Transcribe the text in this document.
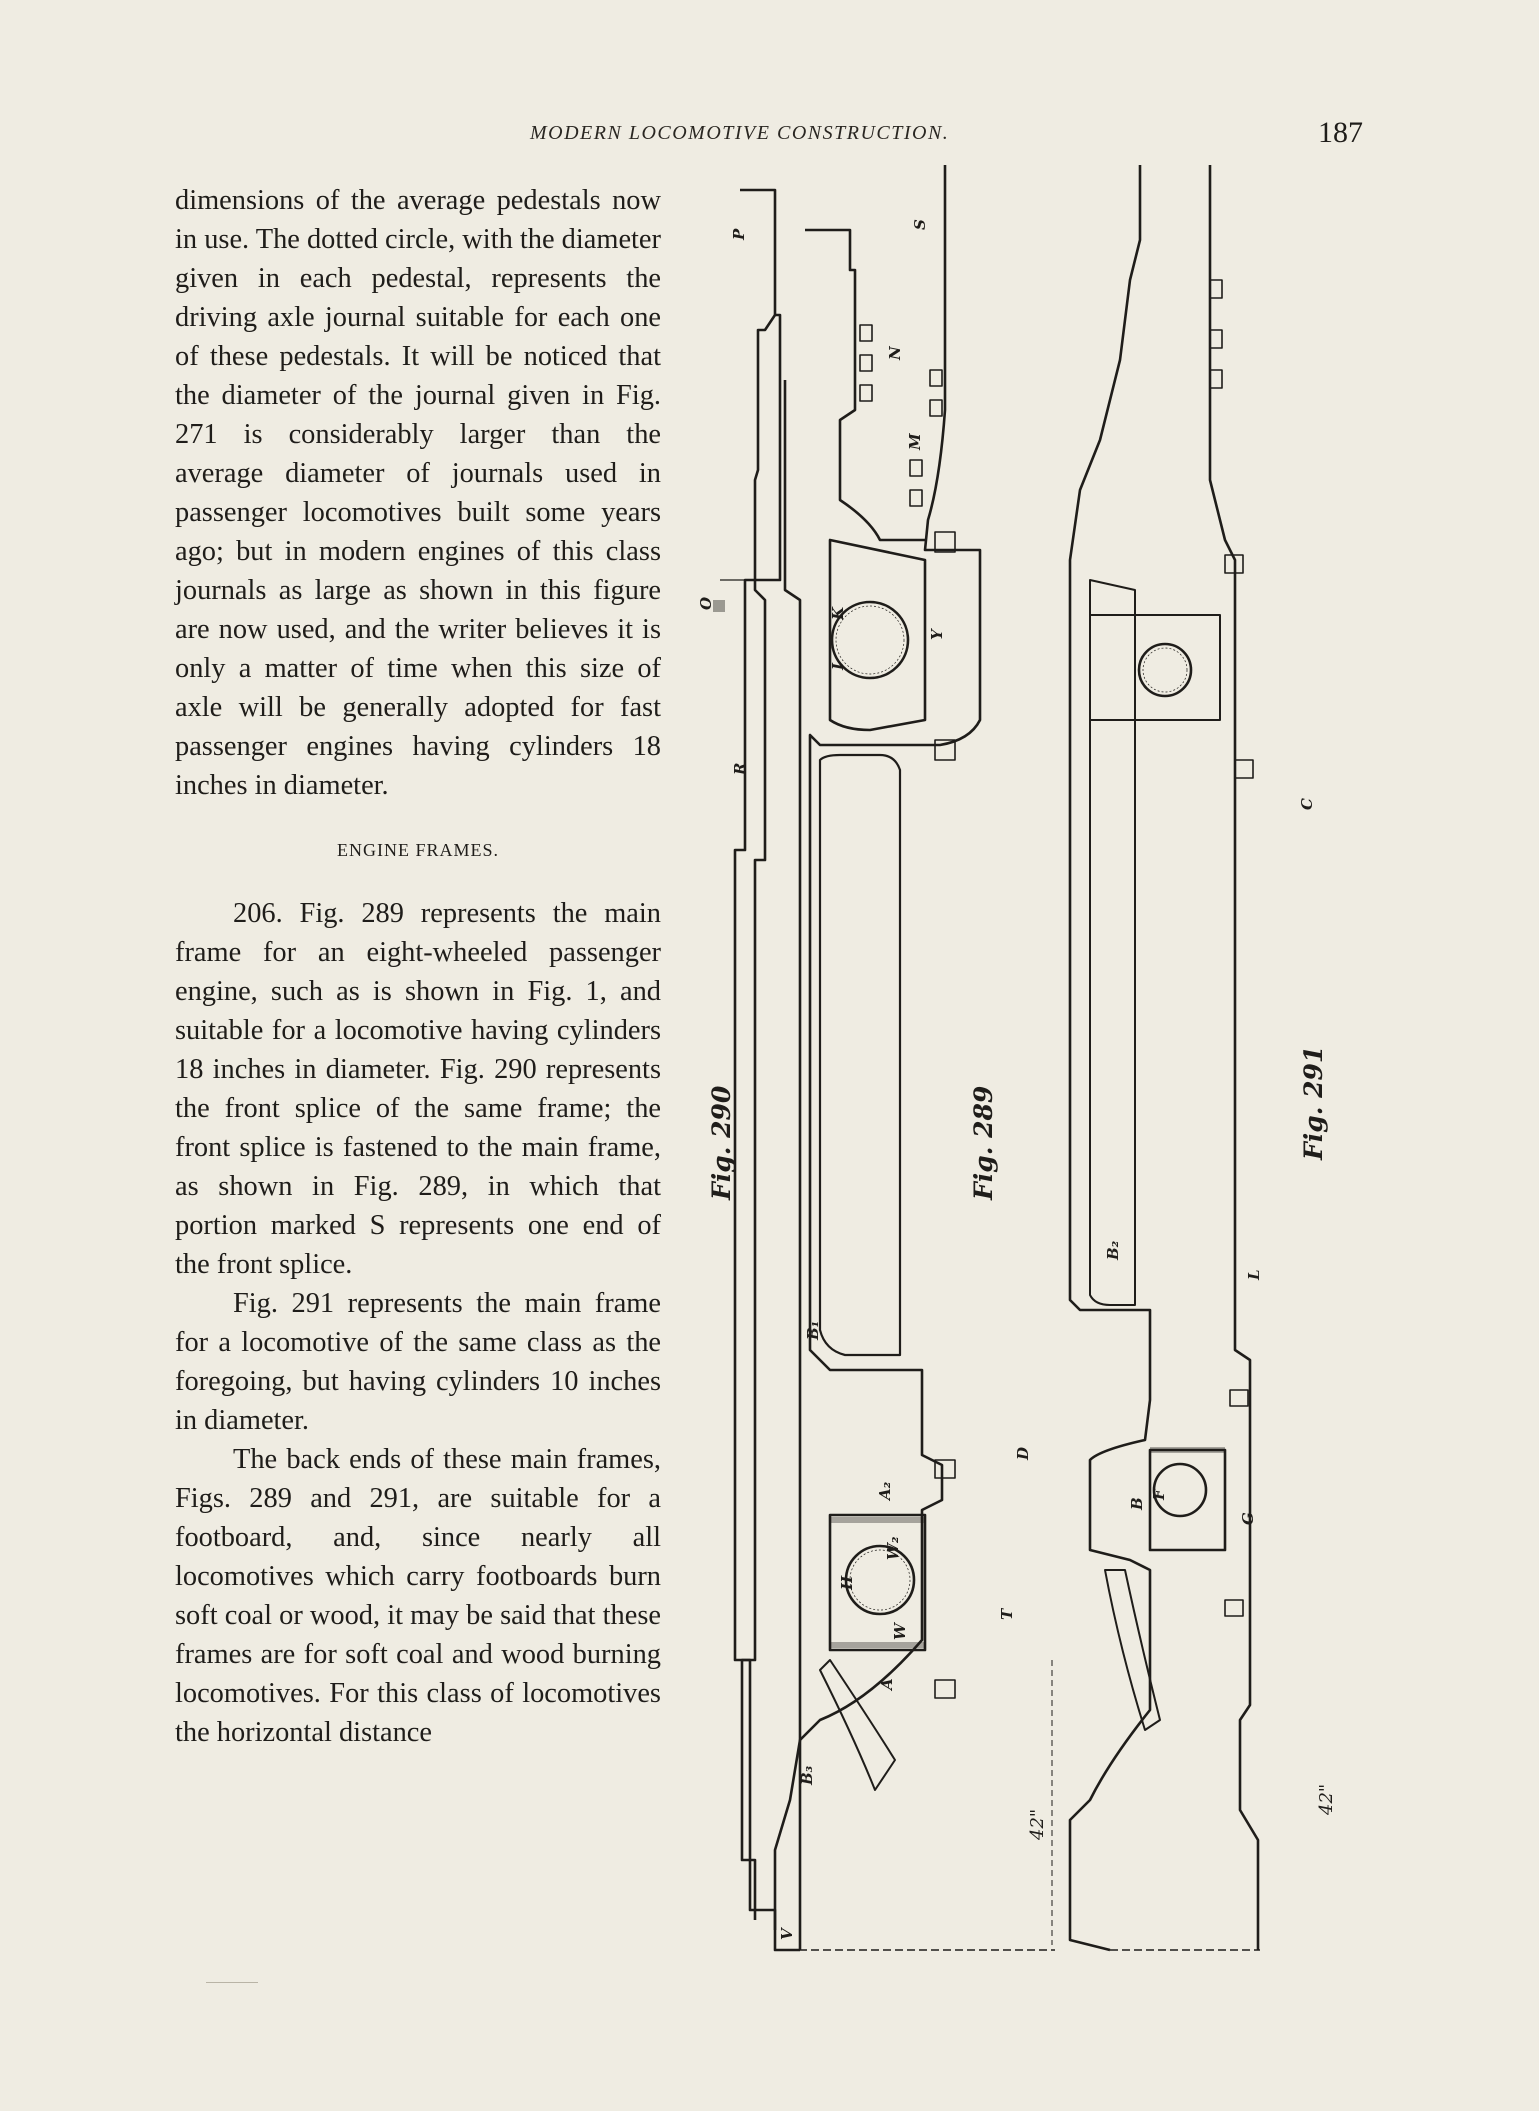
MODERN LOCOMOTIVE CONSTRUCTION.	187

dimensions of the average pedestals now in use. The dotted circle, with the diameter given in each pedestal, represents the driving axle journal suitable for each one of these pedestals. It will be noticed that the diameter of the journal given in Fig. 271 is considerably larger than the average diameter of journals used in passenger locomotives built some years ago; but in modern engines of this class journals as large as shown in this figure are now used, and the writer believes it is only a matter of time when this size of axle will be generally adopted for fast passenger engines having cylinders 18 inches in diameter.

ENGINE FRAMES.

206. Fig. 289 represents the main frame for an eight-wheeled passenger engine, such as is shown in Fig. 1, and suitable for a locomotive having cylinders 18 inches in diameter. Fig. 290 represents the front splice of the same frame; the front splice is fastened to the main frame, as shown in Fig. 289, in which that portion marked S represents one end of the front splice.

Fig. 291 represents the main frame for a locomotive of the same class as the foregoing, but having cylinders 10 inches in diameter.

The back ends of these main frames, Figs. 289 and 291, are suitable for a footboard, and, since nearly all locomotives which carry footboards burn soft coal or wood, it may be said that these frames are for soft coal and wood burning locomotives. For this class of locomotives the horizontal distance

Fig. 290	Fig. 289	Fig. 291
42"
42"
P
S
N
M
R
O
K
I
Y
C
B₂
L
B₁
A₂
D
B
F
G
W₂
H
W
T
A
B₃
V
